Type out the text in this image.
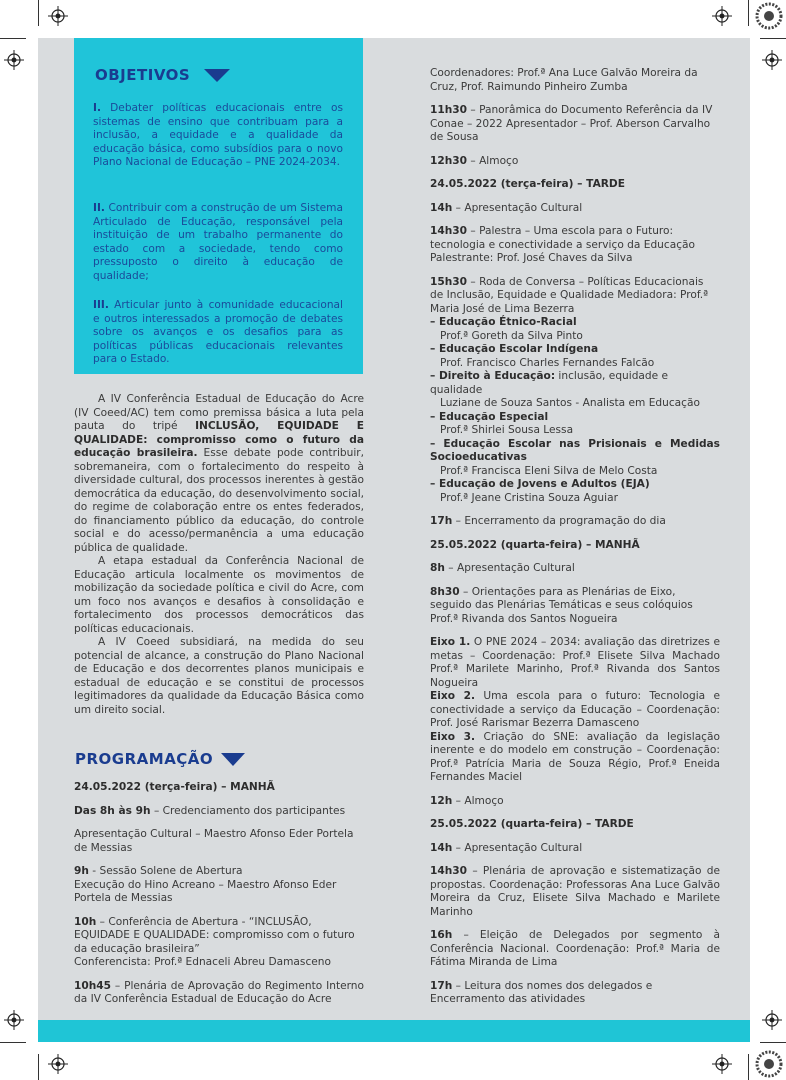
OBJETIVOS
I. Debater políticas educacionais entre os sistemas de ensino que contribuam para a inclusão, a equidade e a qualidade da educação básica, como subsídios para o novo Plano Nacional de Educação – PNE 2024-2034.
II. Contribuir com a construção de um Sistema Articulado de Educação, responsável pela instituição de um trabalho permanente do estado com a sociedade, tendo como pressuposto o direito à educação de qualidade;
III. Articular junto à comunidade educacional e outros interessados a promoção de debates sobre os avanços e os desafios para as políticas públicas educacionais relevantes para o Estado.

A IV Conferência Estadual de Educação do Acre (IV Coeed/AC) tem como premissa básica a luta pela pauta do tripé INCLUSÃO, EQUIDADE E QUALIDADE: compromisso como o futuro da educação brasileira. Esse debate pode contribuir, sobremaneira, com o fortalecimento do respeito à diversidade cultural, dos processos inerentes à gestão democrática da educação, do desenvolvimento social, do regime de colaboração entre os entes federados, do financiamento público da educação, do controle social e do acesso/permanência a uma educação pública de qualidade.

A etapa estadual da Conferência Nacional de Educação articula localmente os movimentos de mobilização da sociedade política e civil do Acre, com um foco nos avanços e desafios à consolidação e fortalecimento dos processos democráticos das políticas educacionais.

A IV Coeed subsidiará, na medida do seu potencial de alcance, a construção do Plano Nacional de Educação e dos decorrentes planos municipais e estadual de educação e se constitui de processos legitimadores da qualidade da Educação Básica como um direito social.

PROGRAMAÇÃO
24.05.2022 (terça-feira) – MANHÃ
Das 8h às 9h – Credenciamento dos participantes
Apresentação Cultural – Maestro Afonso Eder Portela de Messias
9h - Sessão Solene de Abertura
Execução do Hino Acreano – Maestro Afonso Eder Portela de Messias
10h – Conferência de Abertura - “INCLUSÃO, EQUIDADE E QUALIDADE: compromisso com o futuro da educação brasileira”
Conferencista: Prof.ª Ednaceli Abreu Damasceno
10h45 – Plenária de Aprovação do Regimento Interno da IV Conferência Estadual de Educação do Acre
Coordenadores: Prof.ª Ana Luce Galvão Moreira da Cruz, Prof. Raimundo Pinheiro Zumba
11h30 – Panorâmica do Documento Referência da IV Conae – 2022 Apresentador – Prof. Aberson Carvalho de Sousa
12h30 – Almoço
24.05.2022 (terça-feira) – TARDE
14h – Apresentação Cultural
14h30 – Palestra – Uma escola para o Futuro: tecnologia e conectividade a serviço da Educação Palestrante: Prof. José Chaves da Silva
15h30 – Roda de Conversa – Políticas Educacionais de Inclusão, Equidade e Qualidade Mediadora: Prof.ª Maria José de Lima Bezerra
– Educação Étnico-Racial
Prof.ª Goreth da Silva Pinto
– Educação Escolar Indígena
Prof. Francisco Charles Fernandes Falcão
– Direito à Educação: inclusão, equidade e qualidade
Luziane de Souza Santos - Analista em Educação
– Educação Especial
Prof.ª Shirlei Sousa Lessa
– Educação Escolar nas Prisionais e Medidas Socioeducativas
Prof.ª Francisca Eleni Silva de Melo Costa
– Educação de Jovens e Adultos (EJA)
Prof.ª Jeane Cristina Souza Aguiar
17h – Encerramento da programação do dia
25.05.2022 (quarta-feira) – MANHÃ
8h – Apresentação Cultural
8h30 – Orientações para as Plenárias de Eixo, seguido das Plenárias Temáticas e seus colóquios Prof.ª Rivanda dos Santos Nogueira
Eixo 1. O PNE 2024 – 2034: avaliação das diretrizes e metas – Coordenação: Prof.ª Elisete Silva Machado Prof.ª Marilete Marinho, Prof.ª Rivanda dos Santos Nogueira
Eixo 2. Uma escola para o futuro: Tecnologia e conectividade a serviço da Educação – Coordenação: Prof. José Rarismar Bezerra Damasceno
Eixo 3. Criação do SNE: avaliação da legislação inerente e do modelo em construção – Coordenação: Prof.ª Patrícia Maria de Souza Régio, Prof.ª Eneida Fernandes Maciel
12h – Almoço
25.05.2022 (quarta-feira) – TARDE
14h – Apresentação Cultural
14h30 – Plenária de aprovação e sistematização de propostas. Coordenação: Professoras Ana Luce Galvão Moreira da Cruz, Elisete Silva Machado e Marilete Marinho
16h – Eleição de Delegados por segmento à Conferência Nacional. Coordenação: Prof.ª Maria de Fátima Miranda de Lima
17h – Leitura dos nomes dos delegados e Encerramento das atividades
